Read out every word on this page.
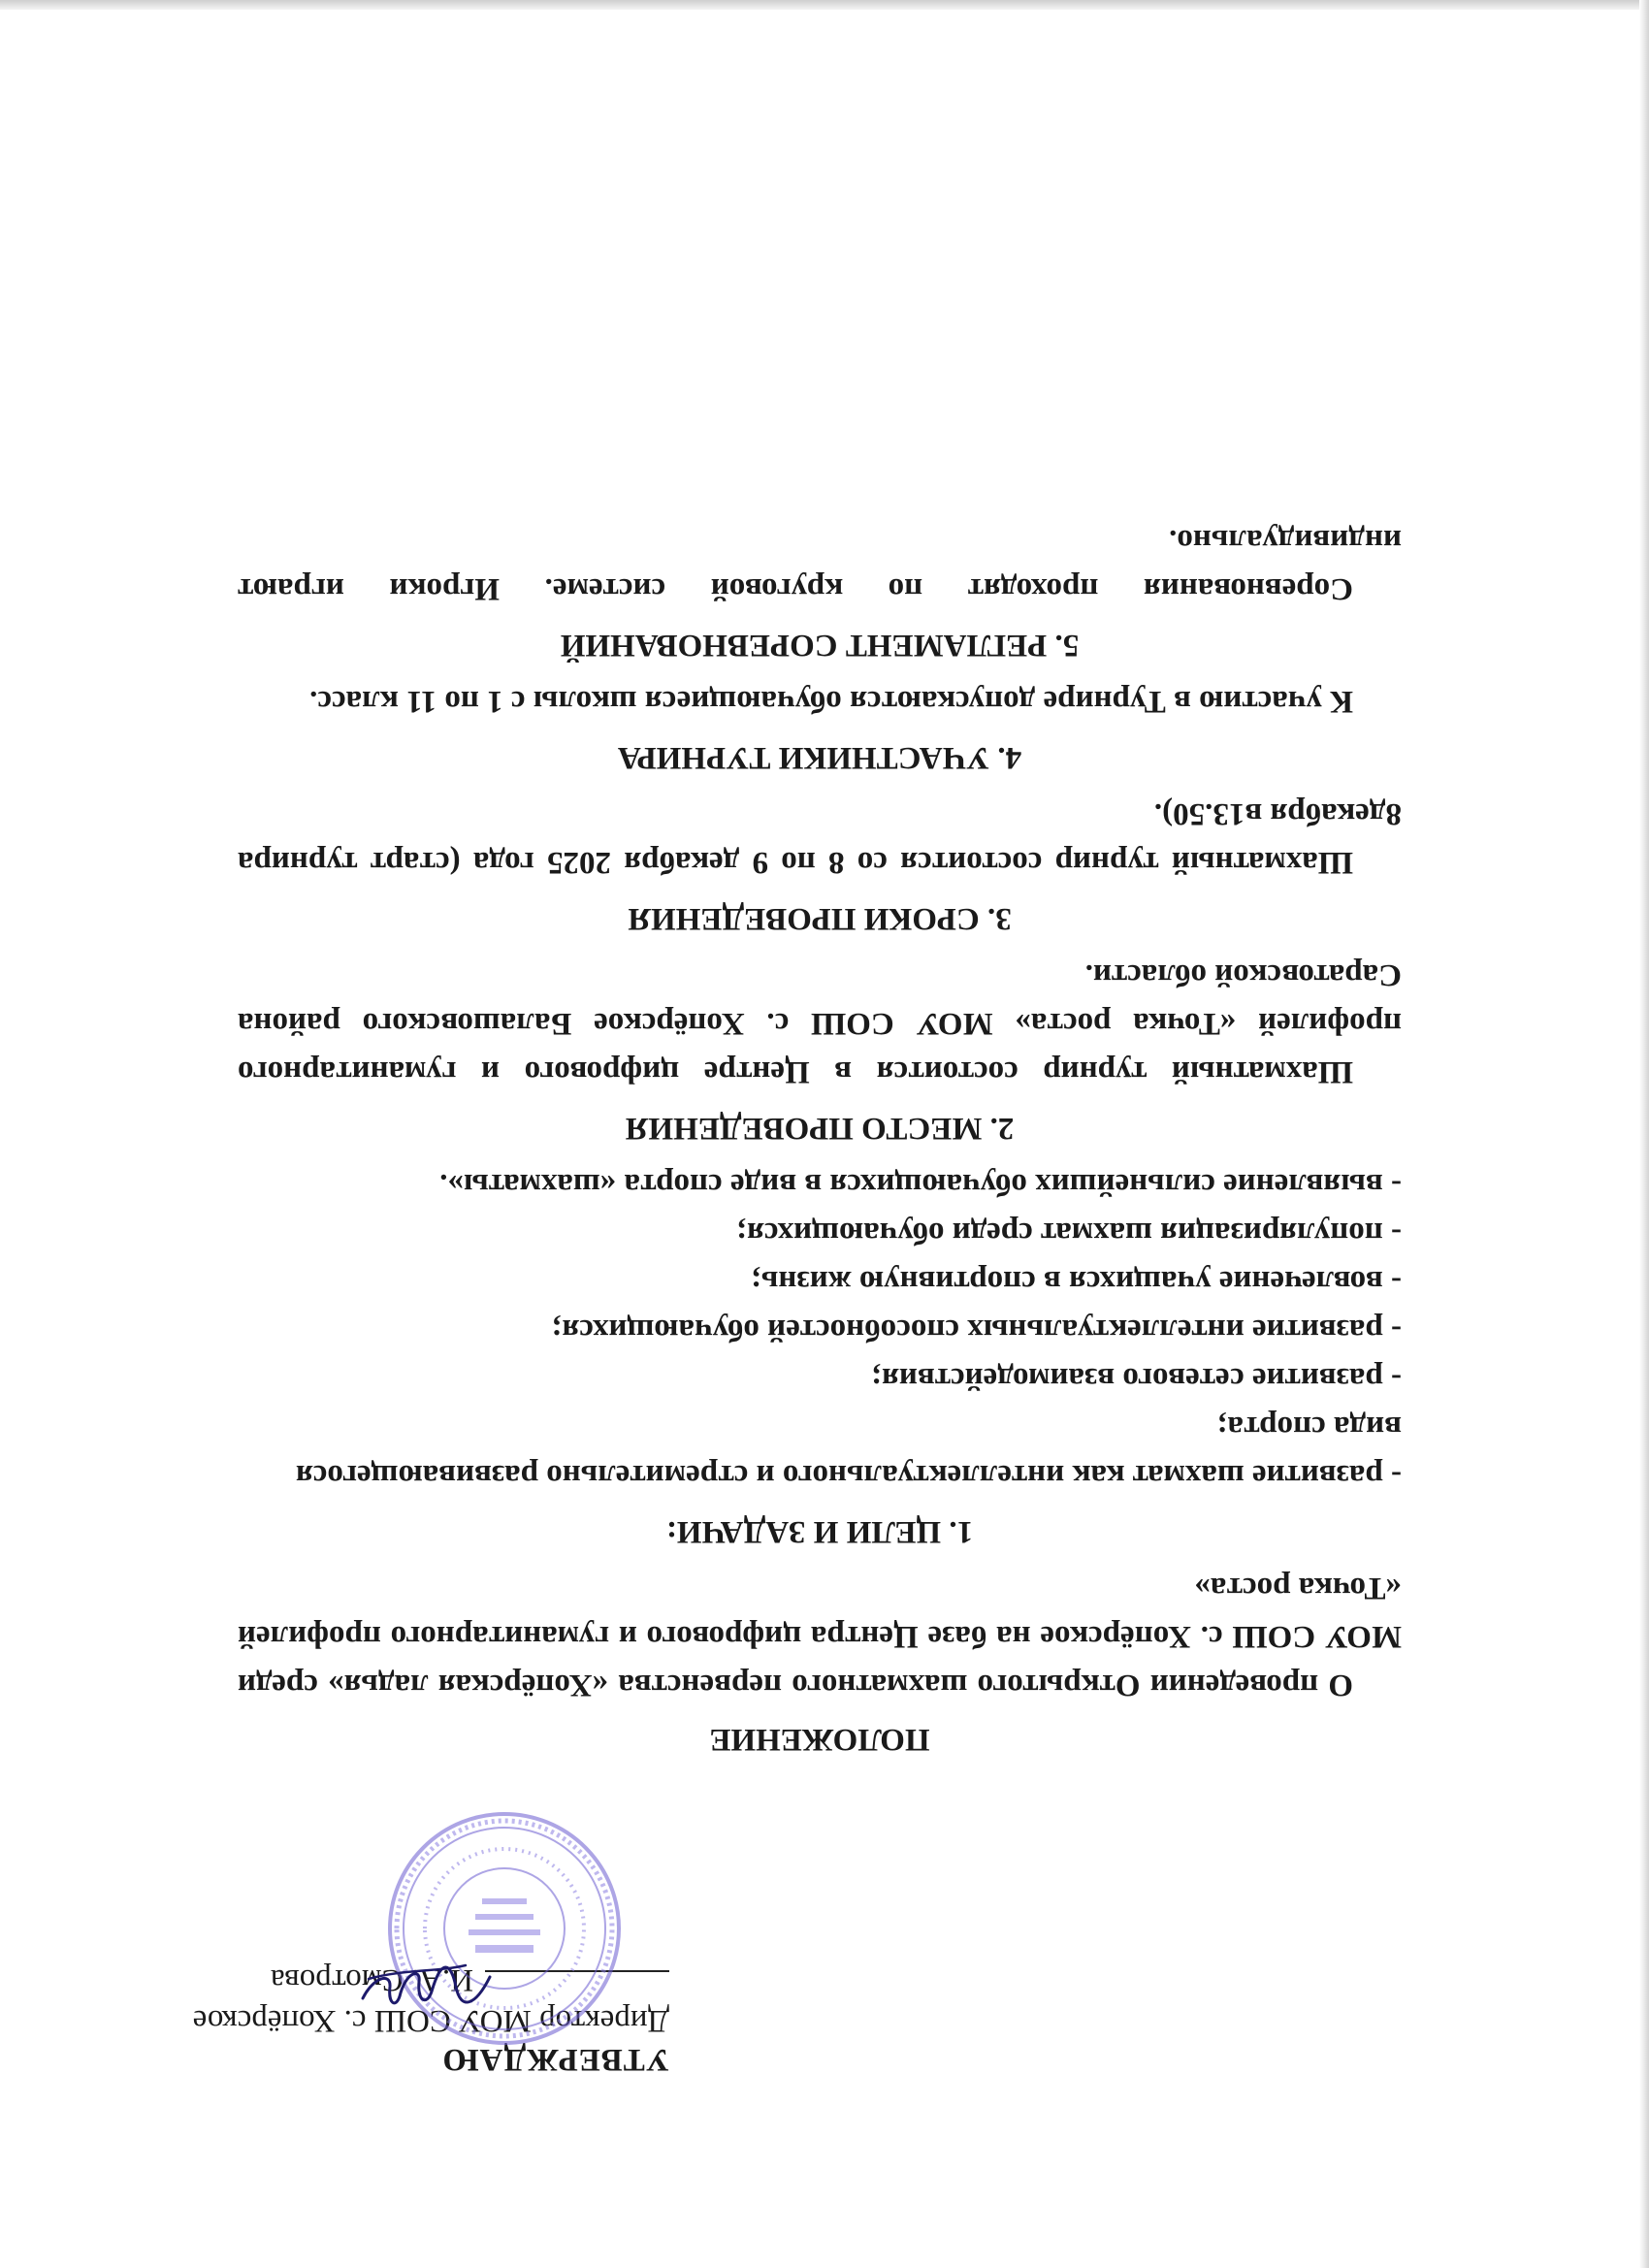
УТВЕРЖДАЮ
Директор МОУ СОШ с. Хопёрское
И.А. Смотрова
ПОЛОЖЕНИЕ

О проведении Открытого шахматного первенства «Хопёрская ладья» среди МОУ СОШ с. Хопёрское на базе Центра цифрового и гуманитарного профилей «Точка роста»

1. ЦЕЛИ И ЗАДАЧИ:

- развитие шахмат как интеллектуального и стремительно развивающегося вида спорта;

- развитие сетевого взаимодействия;

- развитие интеллектуальных способностей обучающихся;

- вовлечение учащихся в спортивную жизнь;

- популяризация шахмат среди обучающихся;

- выявление сильнейших обучающихся в виде спорта «шахматы».

2. МЕСТО ПРОВЕДЕНИЯ

Шахматный турнир состоится в Центре цифрового и гуманитарного профилей «Точка роста» МОУ СОШ с. Хопёрское Балашовского района Саратовской области.

3. СРОКИ ПРОВЕДЕНИЯ

Шахматный турнир состоится со 8 по 9 декабря 2025 года (старт турнира 8декабря в13.50).

4. УЧАСТНИКИ ТУРНИРА

К участию в Турнире допускаются обучающиеся школы с 1 по 11 класс.

5. РЕГЛАМЕНТ СОРЕВНОВАНИЙ

Соревнования проходят по круговой системе. Игроки играют индивидуально.
